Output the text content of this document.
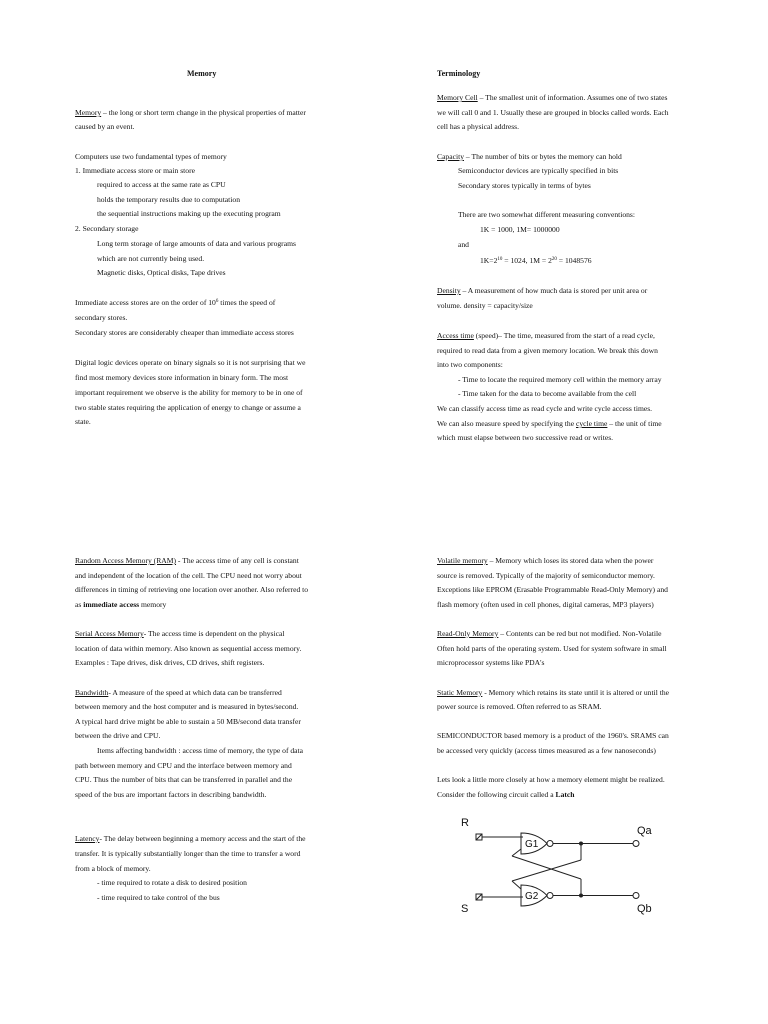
Memory
Memory – the long or short term change in the physical properties of matter
caused by an event.
Computers use two fundamental types of memory
1. Immediate access store or main store
required to access at the same rate as CPU
holds the temporary results due to computation
the sequential instructions making up the executing program
2. Secondary storage
Long term storage of large amounts of data and various programs
which are not currently being used.
Magnetic disks, Optical disks, Tape drives
Immediate access stores are on the order of $10^6$ times the speed of
secondary stores.
Secondary stores are considerably cheaper than immediate access stores
Digital logic devices operate on binary signals so it is not surprising that we
find most memory devices store information in binary form. The most
important requirement we observe is the ability for memory to be in one of
two stable states requiring the application of energy to change or assume a
state.
Terminology
Memory Cell – The smallest unit of information. Assumes one of two states
we will call 0 and 1. Usually these are grouped in blocks called words. Each
cell has a physical address.
Capacity – The number of bits or bytes the memory can hold
Semiconductor devices are typically specified in bits
Secondary stores typically in terms of bytes
There are two somewhat different measuring conventions:
1K = 1000, 1M= 1000000
and
$1K=2^{10} = 1024$, $1M = 2^{20} = 1048576$
Density – A measurement of how much data is stored per unit area or
volume. density = capacity/size
Access time (speed)– The time, measured from the start of a read cycle,
required to read data from a given memory location. We break this down
into two components:
- Time to locate the required memory cell within the memory array
- Time taken for the data to become available from the cell
We can classify access time as read cycle and write cycle access times.
We can also measure speed by specifying the cycle time – the unit of time
which must elapse between two successive read or writes.
Random Access Memory (RAM) - The access time of any cell is constant
and independent of the location of the cell. The CPU need not worry about
differences in timing of retrieving one location over another. Also referred to
as immediate access memory
Serial Access Memory- The access time is dependent on the physical
location of data within memory. Also known as sequential access memory.
Examples : Tape drives, disk drives, CD drives, shift registers.
Bandwidth- A measure of the speed at which data can be transferred
between memory and the host computer and is measured in bytes/second.
A typical hard drive might be able to sustain a 50 MB/second data transfer
between the drive and CPU.
Items affecting bandwidth : access time of memory, the type of data
path between memory and CPU and the interface between memory and
CPU. Thus the number of bits that can be transferred in parallel and the
speed of the bus are important factors in describing bandwidth.
Latency- The delay between beginning a memory access and the start of the
transfer. It is typically substantially longer than the time to transfer a word
from a block of memory.
- time required to rotate a disk to desired position
- time required to take control of the bus
Volatile memory – Memory which loses its stored data when the power
source is removed. Typically of the majority of semiconductor memory.
Exceptions like EPROM (Erasable Programmable Read-Only Memory) and
flash memory (often used in cell phones, digital cameras, MP3 players)
Read-Only Memory – Contents can be red but not modified. Non-Volatile
Often hold parts of the operating system. Used for system software in small
microprocessor systems like PDA's
Static Memory - Memory which retains its state until it is altered or until the
power source is removed. Often referred to as SRAM.
SEMICONDUCTOR based memory is a product of the 1960's. SRAMS can
be accessed very quickly (access times measured as a few nanoseconds)
Lets look a little more closely at how a memory element might be realized.
Consider the following circuit called a Latch
R
S
G1
G2
Qa
Qb
